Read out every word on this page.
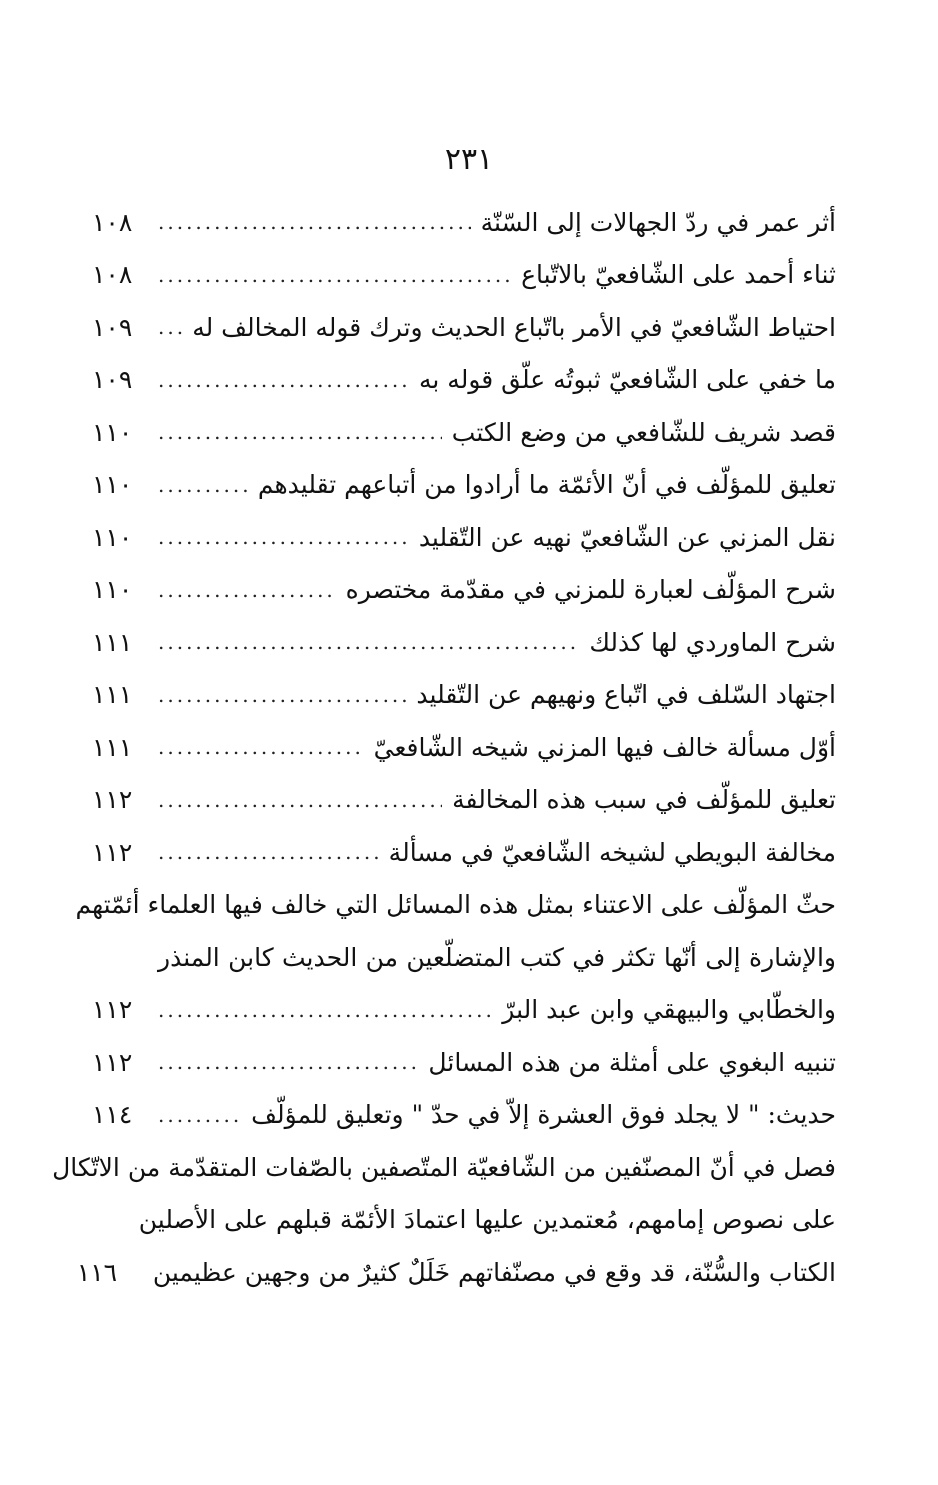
٢٣١
أثر عمر في ردّ الجهالات إلى السّنّة
.....
١٠٨
ثناء أحمد على الشّافعيّ بالاتّباع
.....
١٠٨
احتياط الشّافعيّ في الأمر باتّباع الحديث وترك قوله المخالف له
.....
١٠٩
ما خفي على الشّافعيّ ثبوتُه علّق قوله به
.....
١٠٩
قصد شريف للشّافعي من وضع الكتب
.....
١١٠
تعليق للمؤلّف في أنّ الأئمّة ما أرادوا من أتباعهم تقليدهم
.....
١١٠
نقل المزني عن الشّافعيّ نهيه عن التّقليد
.....
١١٠
شرح المؤلّف لعبارة للمزني في مقدّمة مختصره
.....
١١٠
شرح الماوردي لها كذلك
.....
١١١
اجتهاد السّلف في اتّباع ونهيهم عن التّقليد
.....
١١١
أوّل مسألة خالف فيها المزني شيخه الشّافعيّ
.....
١١١
تعليق للمؤلّف في سبب هذه المخالفة
.....
١١٢
مخالفة البويطي لشيخه الشّافعيّ في مسألة
.....
١١٢
حثّ المؤلّف على الاعتناء بمثل هذه المسائل التي خالف فيها العلماء أئمّتهم
والإشارة إلى أنّها تكثر في كتب المتضلّعين من الحديث كابن المنذر
والخطّابي والبيهقي وابن عبد البرّ
.....
١١٢
تنبيه البغوي على أمثلة من هذه المسائل
.....
١١٢
حديث: " لا يجلد فوق العشرة إلاّ في حدّ " وتعليق للمؤلّف
.....
١١٤
فصل في أنّ المصنّفين من الشّافعيّة المتّصفين بالصّفات المتقدّمة من الاتّكال
على نصوص إمامهم، مُعتمدين عليها اعتمادَ الأئمّة قبلهم على الأصلين
الكتاب والسُّنّة، قد وقع في مصنّفاتهم خَلَلٌ كثيرٌ من وجهين عظيمين
١١٦
